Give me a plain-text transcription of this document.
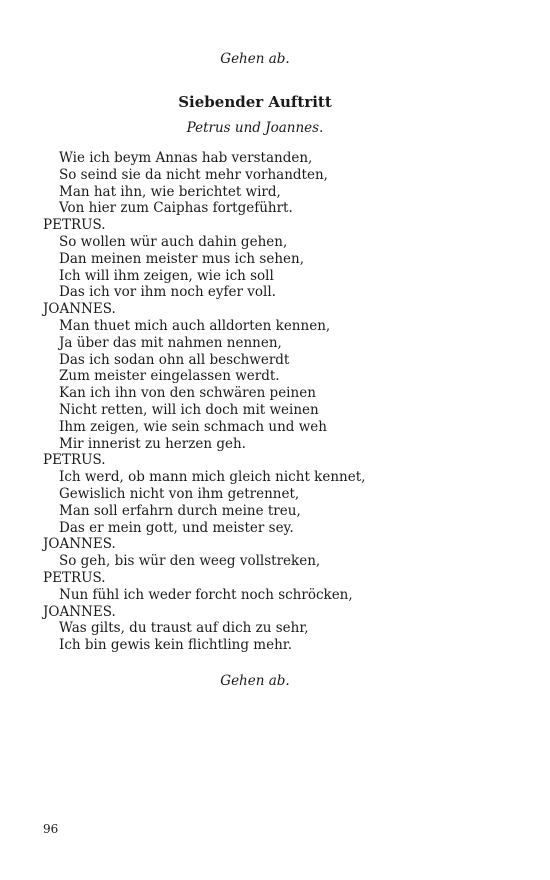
Gehen ab.
Siebender Auftritt
Petrus und Joannes.
Wie ich beym Annas hab verstanden,
So seind sie da nicht mehr vorhandten,
Man hat ihn, wie berichtet wird,
Von hier zum Caiphas fortgeführt.
PETRUS.
So wollen wür auch dahin gehen,
Dan meinen meister mus ich sehen,
Ich will ihm zeigen, wie ich soll
Das ich vor ihm noch eyfer voll.
JOANNES.
Man thuet mich auch alldorten kennen,
Ja über das mit nahmen nennen,
Das ich sodan ohn all beschwerdt
Zum meister eingelassen werdt.
Kan ich ihn von den schwären peinen
Nicht retten, will ich doch mit weinen
Ihm zeigen, wie sein schmach und weh
Mir innerist zu herzen geh.
PETRUS.
Ich werd, ob mann mich gleich nicht kennet,
Gewislich nicht von ihm getrennet,
Man soll erfahrn durch meine treu,
Das er mein gott, und meister sey.
JOANNES.
So geh, bis wür den weeg vollstreken,
PETRUS.
Nun fühl ich weder forcht noch schröcken,
JOANNES.
Was gilts, du traust auf dich zu sehr,
Ich bin gewis kein flichtling mehr.
Gehen ab.
96
